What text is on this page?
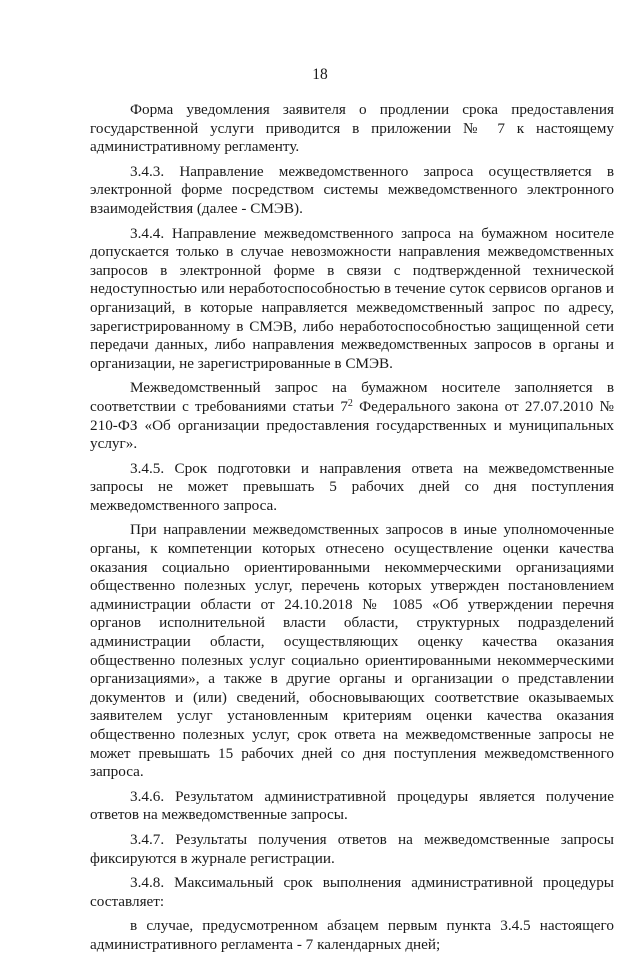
18

Форма уведомления заявителя о продлении срока предоставления государственной услуги приводится в приложении № 7 к настоящему административному регламенту.

3.4.3. Направление межведомственного запроса осуществляется в электронной форме посредством системы межведомственного электронного взаимодействия (далее - СМЭВ).

3.4.4. Направление межведомственного запроса на бумажном носителе допускается только в случае невозможности направления межведомственных запросов в электронной форме в связи с подтвержденной технической недоступностью или неработоспособностью в течение суток сервисов органов и организаций, в которые направляется межведомственный запрос по адресу, зарегистрированному в СМЭВ, либо неработоспособностью защищенной сети передачи данных, либо направления межведомственных запросов в органы и организации, не зарегистрированные в СМЭВ.

Межведомственный запрос на бумажном носителе заполняется в соответствии с требованиями статьи $7^2$ Федерального закона от 27.07.2010 № 210-ФЗ «Об организации предоставления государственных и муниципальных услуг».

3.4.5. Срок подготовки и направления ответа на межведомственные запросы не может превышать 5 рабочих дней со дня поступления межведомственного запроса.

При направлении межведомственных запросов в иные уполномоченные органы, к компетенции которых отнесено осуществление оценки качества оказания социально ориентированными некоммерческими организациями общественно полезных услуг, перечень которых утвержден постановлением администрации области от 24.10.2018 № 1085 «Об утверждении перечня органов исполнительной власти области, структурных подразделений администрации области, осуществляющих оценку качества оказания общественно полезных услуг социально ориентированными некоммерческими организациями», а также в другие органы и организации о представлении документов и (или) сведений, обосновывающих соответствие оказываемых заявителем услуг установленным критериям оценки качества оказания общественно полезных услуг, срок ответа на межведомственные запросы не может превышать 15 рабочих дней со дня поступления межведомственного запроса.

3.4.6. Результатом административной процедуры является получение ответов на межведомственные запросы.

3.4.7. Результаты получения ответов на межведомственные запросы фиксируются в журнале регистрации.

3.4.8. Максимальный срок выполнения административной процедуры составляет:

в случае, предусмотренном абзацем первым пункта 3.4.5 настоящего административного регламента - 7 календарных дней;
